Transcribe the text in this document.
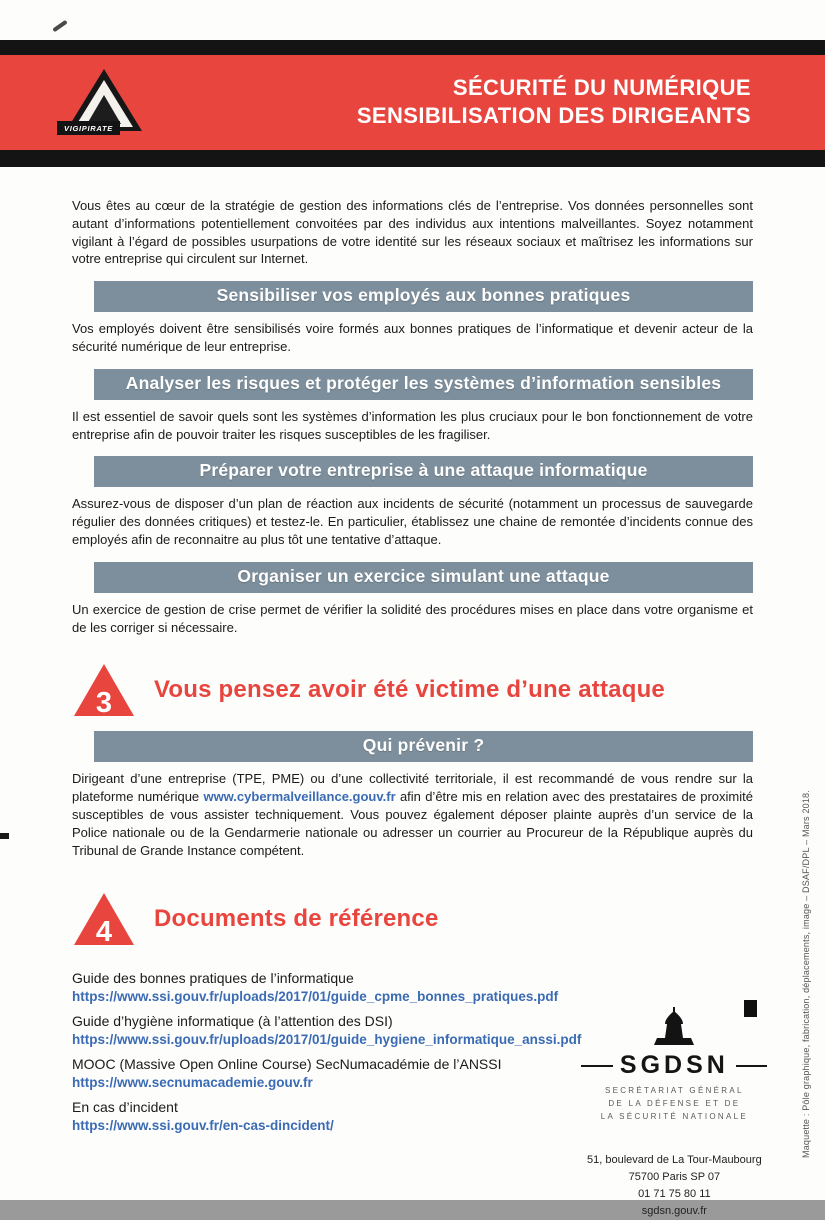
VIGIPIRATE
SÉCURITÉ DU NUMÉRIQUE
SENSIBILISATION DES DIRIGEANTS

Vous êtes au cœur de la stratégie de gestion des informations clés de l’entreprise. Vos données personnelles sont autant d’informations potentiellement convoitées par des individus aux intentions malveillantes. Soyez notamment vigilant à l’égard de possibles usurpations de votre identité sur les réseaux sociaux et maîtrisez les informations sur votre entreprise qui circulent sur Internet.

Sensibiliser vos employés aux bonnes pratiques

Vos employés doivent être sensibilisés voire formés aux bonnes pratiques de l’informatique et devenir acteur de la sécurité numérique de leur entreprise.

Analyser les risques et protéger les systèmes d’information sensibles

Il est essentiel de savoir quels sont les systèmes d’information les plus cruciaux pour le bon fonctionnement de votre entreprise afin de pouvoir traiter les risques susceptibles de les fragiliser.

Préparer votre entreprise à une attaque informatique

Assurez-vous de disposer d’un plan de réaction aux incidents de sécurité (notamment un processus de sauvegarde régulier des données critiques) et testez-le. En particulier, établissez une chaine de remontée d’incidents connue des employés afin de reconnaitre au plus tôt une tentative d’attaque.

Organiser un exercice simulant une attaque

Un exercice de gestion de crise permet de vérifier la solidité des procédures mises en place dans votre organisme et de les corriger si nécessaire.

3 Vous pensez avoir été victime d’une attaque
Qui prévenir ?

Dirigeant d’une entreprise (TPE, PME) ou d’une collectivité territoriale, il est recommandé de vous rendre sur la plateforme numérique www.cybermalveillance.gouv.fr afin d’être mis en relation avec des prestataires de proximité susceptibles de vous assister techniquement. Vous pouvez également déposer plainte auprès d’un service de la Police nationale ou de la Gendarmerie nationale ou adresser un courrier au Procureur de la République auprès du Tribunal de Grande Instance compétent.

4 Documents de référence

Guide des bonnes pratiques de l’informatique

https://www.ssi.gouv.fr/uploads/2017/01/guide_cpme_bonnes_pratiques.pdf

Guide d’hygiène informatique (à l’attention des DSI)

https://www.ssi.gouv.fr/uploads/2017/01/guide_hygiene_informatique_anssi.pdf

MOOC (Massive Open Online Course) SecNumacadémie de l’ANSSI

https://www.secnumacademie.gouv.fr

En cas d’incident

https://www.ssi.gouv.fr/en-cas-dincident/
SGDSN
SECRÉTARIAT GÉNÉRAL
DE LA DÉFENSE ET DE
LA SÉCURITÉ NATIONALE
51, boulevard de La Tour-Maubourg
75700 Paris SP 07
01 71 75 80 11
sgdsn.gouv.fr
Maquette : Pôle graphique, fabrication, déplacements, image – DSAF/DPL – Mars 2018.
